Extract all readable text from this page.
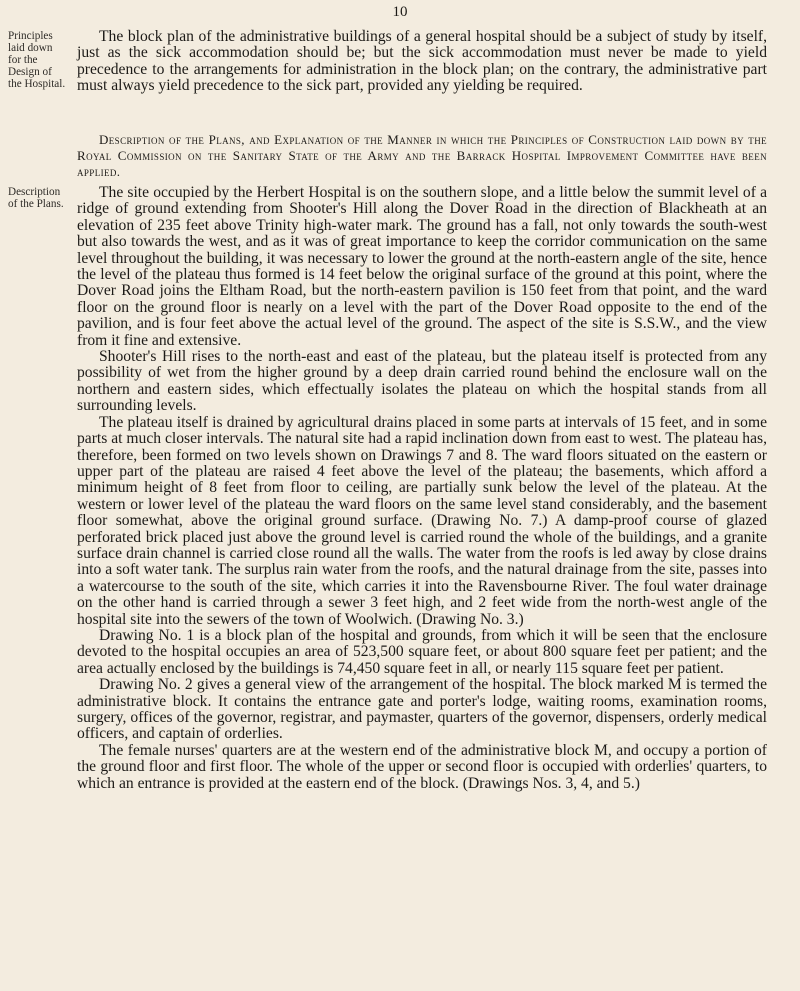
10
Principles laid down for the Design of the Hospital.

The block plan of the administrative buildings of a general hospital should be a subject of study by itself, just as the sick accommodation should be; but the sick accommodation must never be made to yield precedence to the arrangements for administration in the block plan; on the contrary, the administrative part must always yield precedence to the sick part, provided any yielding be required.

Description of the Plans, and Explanation of the Manner in which the Principles of Construction laid down by the Royal Commission on the Sanitary State of the Army and the Barrack Hospital Improvement Committee have been applied.
Description of the Plans.

The site occupied by the Herbert Hospital is on the southern slope, and a little below the summit level of a ridge of ground extending from Shooter's Hill along the Dover Road in the direction of Blackheath at an elevation of 235 feet above Trinity high-water mark. The ground has a fall, not only towards the south-west but also towards the west, and as it was of great importance to keep the corridor communication on the same level throughout the building, it was necessary to lower the ground at the north-eastern angle of the site, hence the level of the plateau thus formed is 14 feet below the original surface of the ground at this point, where the Dover Road joins the Eltham Road, but the north-eastern pavilion is 150 feet from that point, and the ward floor on the ground floor is nearly on a level with the part of the Dover Road opposite to the end of the pavilion, and is four feet above the actual level of the ground. The aspect of the site is S.S.W., and the view from it fine and extensive.

Shooter's Hill rises to the north-east and east of the plateau, but the plateau itself is protected from any possibility of wet from the higher ground by a deep drain carried round behind the enclosure wall on the northern and eastern sides, which effectually isolates the plateau on which the hospital stands from all surrounding levels.

The plateau itself is drained by agricultural drains placed in some parts at intervals of 15 feet, and in some parts at much closer intervals. The natural site had a rapid inclination down from east to west. The plateau has, therefore, been formed on two levels shown on Drawings 7 and 8. The ward floors situated on the eastern or upper part of the plateau are raised 4 feet above the level of the plateau; the basements, which afford a minimum height of 8 feet from floor to ceiling, are partially sunk below the level of the plateau. At the western or lower level of the plateau the ward floors on the same level stand considerably, and the basement floor somewhat, above the original ground surface. (Drawing No. 7.) A damp-proof course of glazed perforated brick placed just above the ground level is carried round the whole of the buildings, and a granite surface drain channel is carried close round all the walls. The water from the roofs is led away by close drains into a soft water tank. The surplus rain water from the roofs, and the natural drainage from the site, passes into a watercourse to the south of the site, which carries it into the Ravensbourne River. The foul water drainage on the other hand is carried through a sewer 3 feet high, and 2 feet wide from the north-west angle of the hospital site into the sewers of the town of Woolwich. (Drawing No. 3.)

Drawing No. 1 is a block plan of the hospital and grounds, from which it will be seen that the enclosure devoted to the hospital occupies an area of 523,500 square feet, or about 800 square feet per patient; and the area actually enclosed by the buildings is 74,450 square feet in all, or nearly 115 square feet per patient.

Drawing No. 2 gives a general view of the arrangement of the hospital. The block marked M is termed the administrative block. It contains the entrance gate and porter's lodge, waiting rooms, examination rooms, surgery, offices of the governor, registrar, and paymaster, quarters of the governor, dispensers, orderly medical officers, and captain of orderlies.

The female nurses' quarters are at the western end of the administrative block M, and occupy a portion of the ground floor and first floor. The whole of the upper or second floor is occupied with orderlies' quarters, to which an entrance is provided at the eastern end of the block. (Drawings Nos. 3, 4, and 5.)
